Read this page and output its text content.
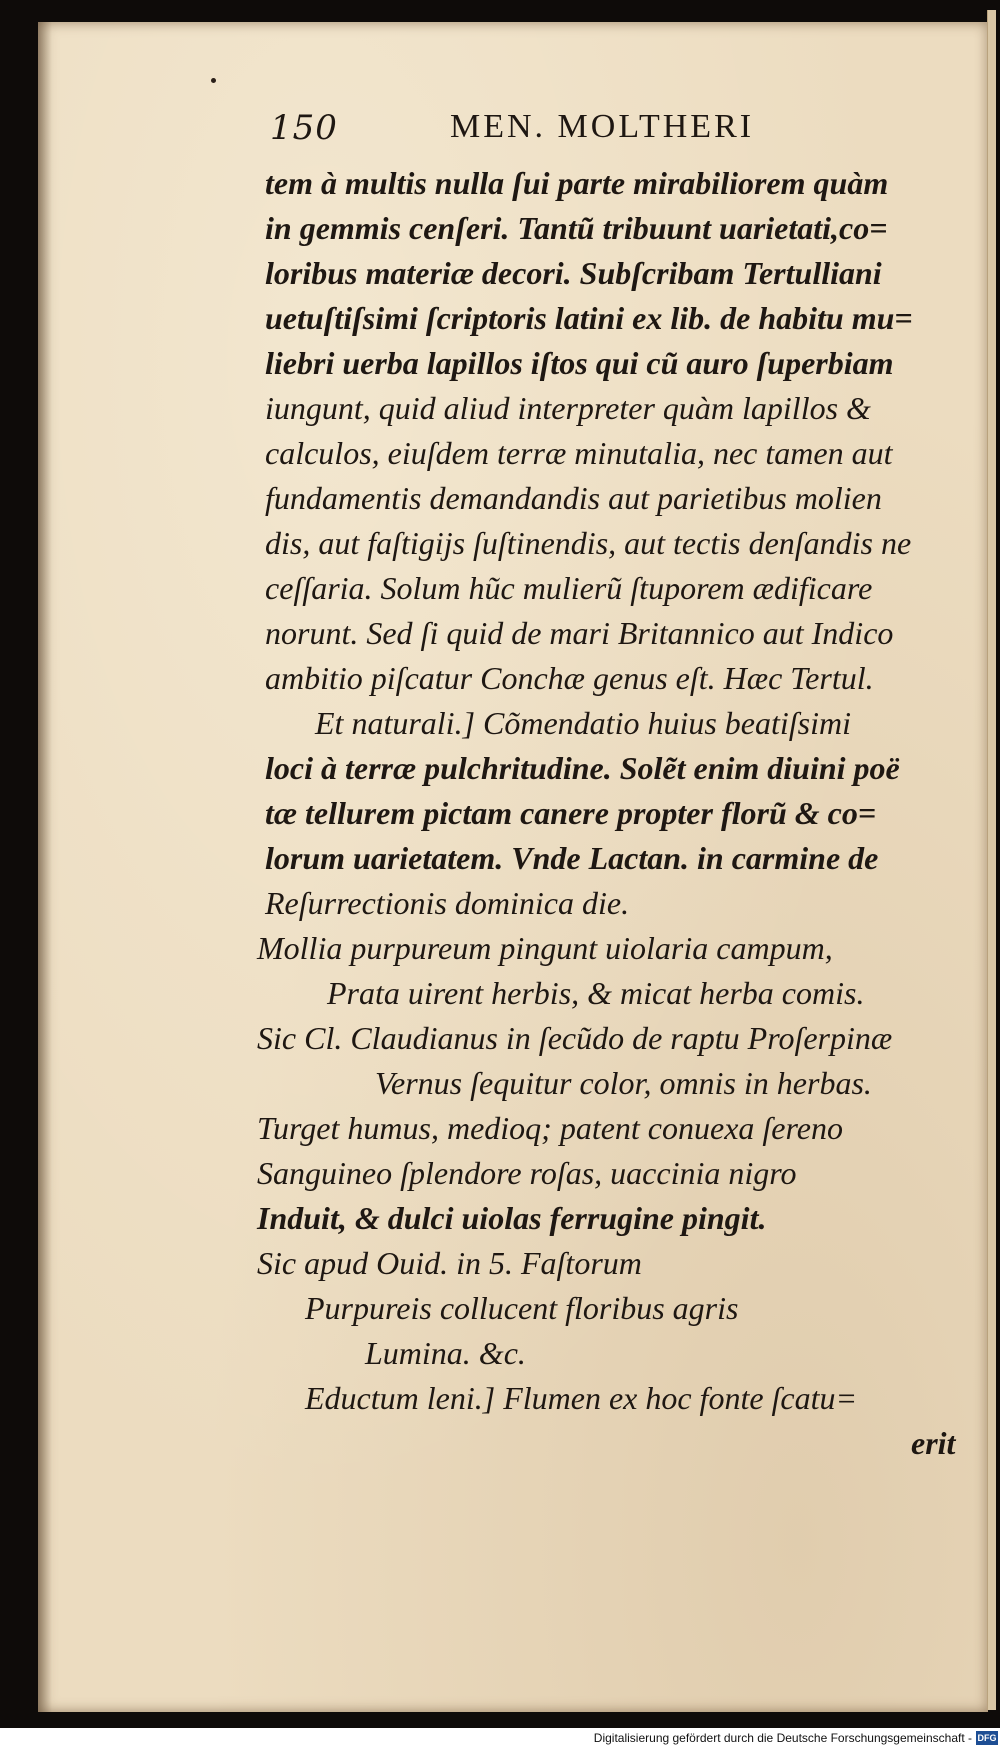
150	MEN. MOLTHERI
tem à multis nulla ſui parte mirabiliorem quàm
in gemmis cenſeri. Tantũ tribuunt uarietati,co=
loribus materiæ decori. Subſcribam Tertulliani
uetuſtiſsimi ſcriptoris latini ex lib. de habitu mu=
liebri uerba lapillos iſtos qui cũ auro ſuperbiam
iungunt, quid aliud interpreter quàm lapillos &
calculos, eiuſdem terræ minutalia, nec tamen aut
fundamentis demandandis aut parietibus molien
dis, aut faſtigijs ſuſtinendis, aut tectis denſandis ne
ceſſaria. Solum hũc mulierũ ſtuporem ædificare
norunt. Sed ſi quid de mari Britannico aut Indico
ambitio piſcatur Conchæ genus eſt. Hæc Tertul.
Et naturali.] Cõmendatio huius beatiſsimi
loci à terræ pulchritudine. Solẽt enim diuini poë
tæ tellurem pictam canere propter florũ & co=
lorum uarietatem. Vnde Lactan. in carmine de
Reſurrectionis dominica die.
Mollia purpureum pingunt uiolaria campum,
Prata uirent herbis, & micat herba comis.
Sic Cl. Claudianus in ſecũdo de raptu Proſerpinæ
Vernus ſequitur color, omnis in herbas.
Turget humus, medioq; patent conuexa ſereno
Sanguineo ſplendore roſas, uaccinia nigro
Induit, & dulci uiolas ferrugine pingit.
Sic apud Ouid. in 5. Faſtorum
Purpureis collucent floribus agris
Lumina. &c.
Eductum leni.] Flumen ex hoc fonte ſcatu=
erit
Digitalisierung gefördert durch die Deutsche Forschungsgemeinschaft - DFG
